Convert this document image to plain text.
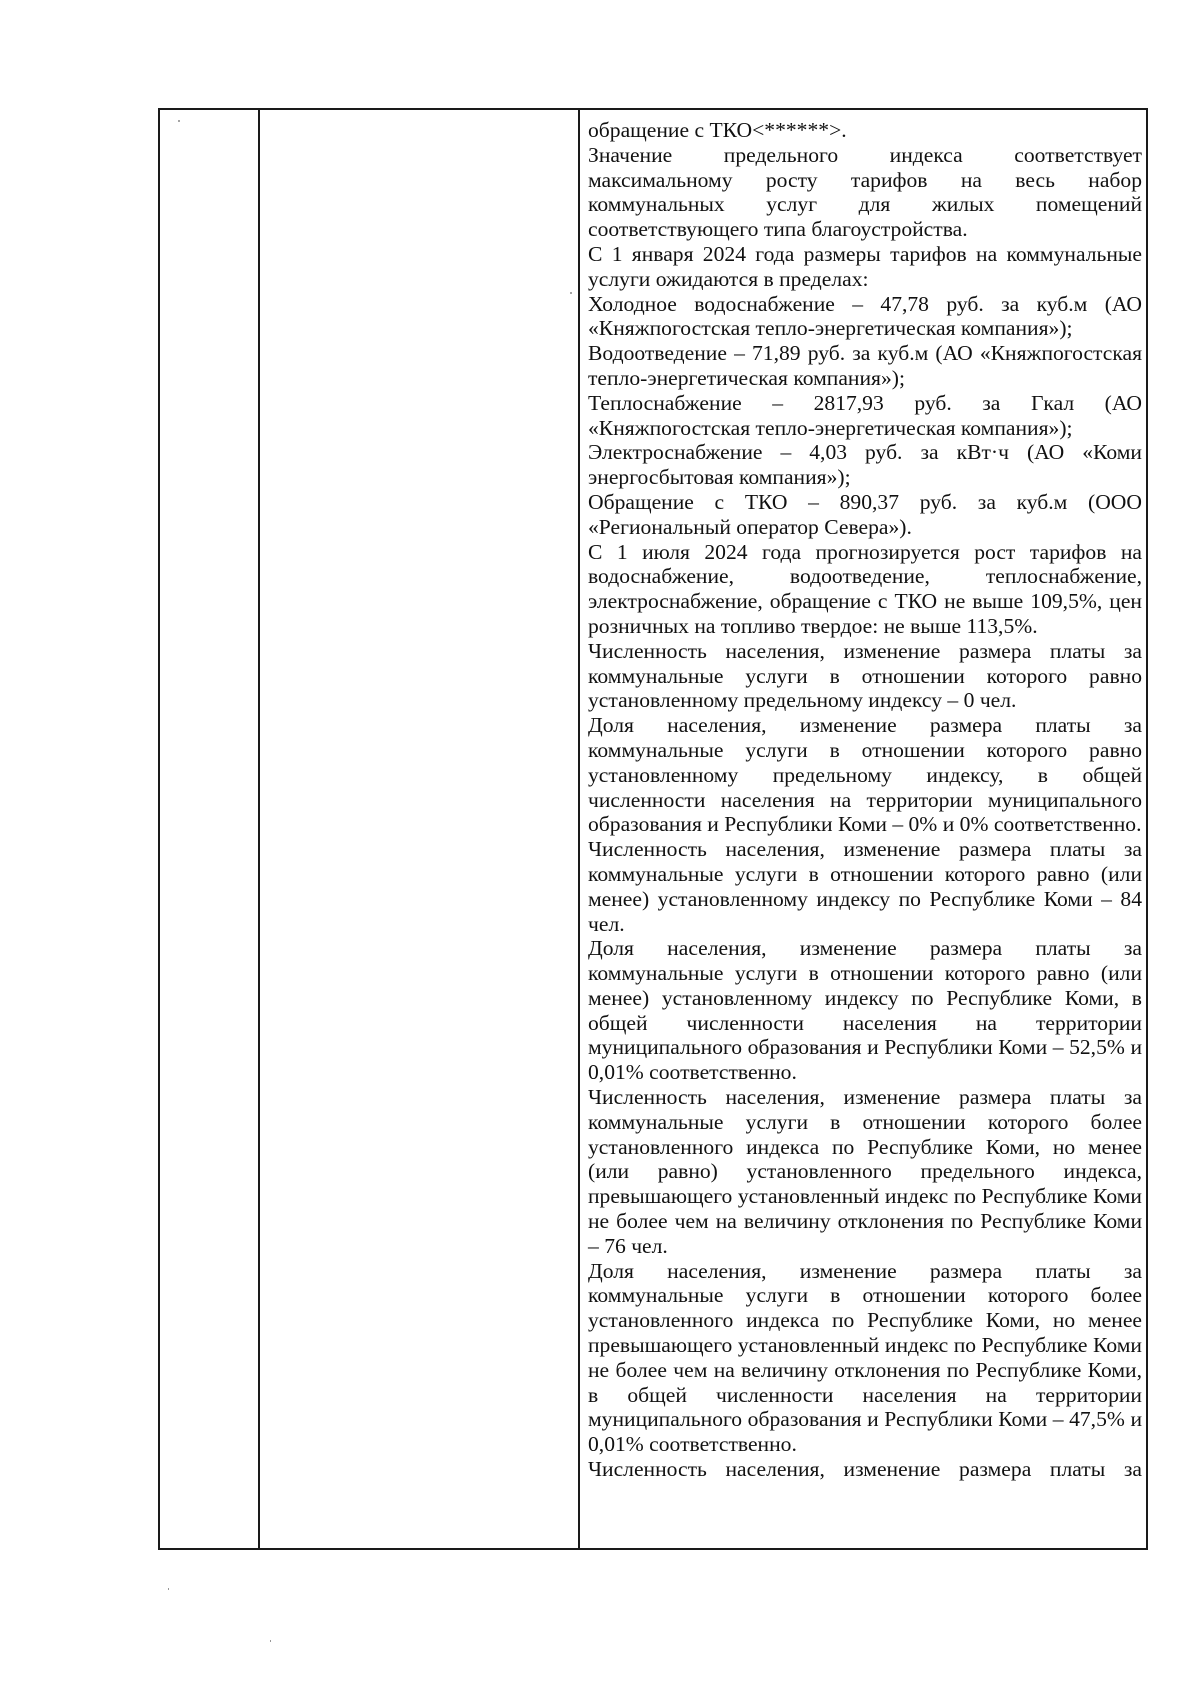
обращение с ТКО<******>.

Значение предельного индекса соответствует максимальному росту тарифов на весь набор коммунальных услуг для жилых помещений соответствующего типа благоустройства.

С 1 января 2024 года размеры тарифов на коммунальные услуги ожидаются в пределах:

Холодное водоснабжение – 47,78 руб. за куб.м (АО «Княжпогостская тепло-энергетическая компания»);

Водоотведение – 71,89 руб. за куб.м (АО «Княжпогостская тепло-энергетическая компания»);

Теплоснабжение – 2817,93 руб. за Гкал (АО «Княжпогостская тепло-энергетическая компания»);

Электроснабжение – 4,03 руб. за кВт·ч (АО «Коми энергосбытовая компания»);

Обращение с ТКО – 890,37 руб. за куб.м (ООО «Региональный оператор Севера»).

С 1 июля 2024 года прогнозируется рост тарифов на водоснабжение, водоотведение, теплоснабжение, электроснабжение, обращение с ТКО не выше 109,5%, цен розничных на топливо твердое: не выше 113,5%.

Численность населения, изменение размера платы за коммунальные услуги в отношении которого равно установленному предельному индексу – 0 чел.

Доля населения, изменение размера платы за коммунальные услуги в отношении которого равно установленному предельному индексу, в общей численности населения на территории муниципального образования и Республики Коми – 0% и 0% соответственно.

Численность населения, изменение размера платы за коммунальные услуги в отношении которого равно (или менее) установленному индексу по Республике Коми – 84 чел.

Доля населения, изменение размера платы за коммунальные услуги в отношении которого равно (или менее) установленному индексу по Республике Коми, в общей численности населения на территории муниципального образования и Республики Коми – 52,5% и 0,01% соответственно.

Численность населения, изменение размера платы за коммунальные услуги в отношении которого более установленного индекса по Республике Коми, но менее (или равно) установленного предельного индекса, превышающего установленный индекс по Республике Коми не более чем на величину отклонения по Республике Коми – 76 чел.

Доля населения, изменение размера платы за коммунальные услуги в отношении которого более установленного индекса по Республике Коми, но менее превышающего установленный индекс по Республике Коми не более чем на величину отклонения по Республике Коми, в общей численности населения на территории муниципального образования и Республики Коми – 47,5% и 0,01% соответственно.

Численность населения, изменение размера платы за
